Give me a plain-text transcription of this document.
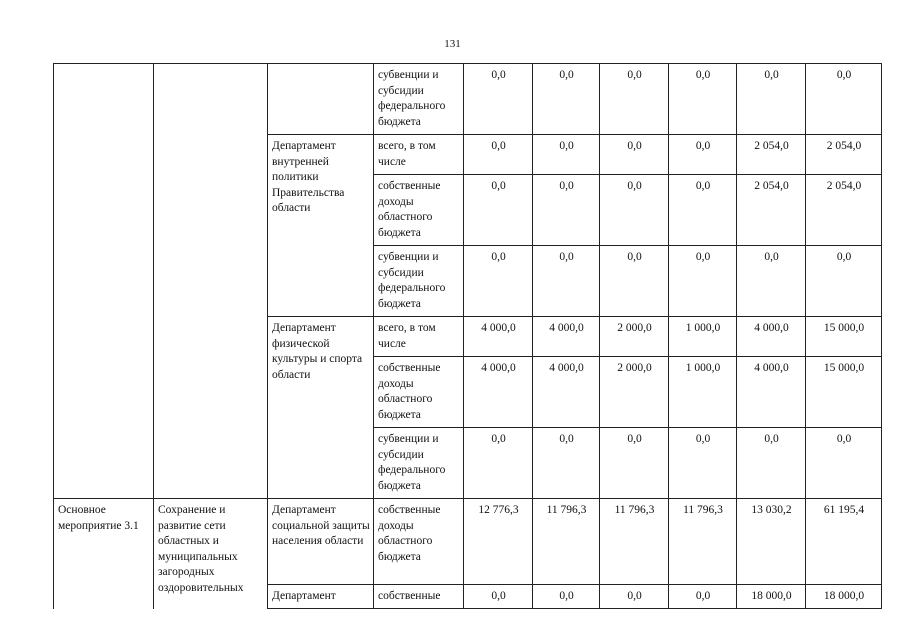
131
			субвенции и субсидии федерального бюджета	0,0	0,0	0,0	0,0	0,0	0,0
		Департамент внутренней политики Правительства области	всего, в том числе	0,0	0,0	0,0	0,0	2 054,0	2 054,0
			собственные доходы областного бюджета	0,0	0,0	0,0	0,0	2 054,0	2 054,0
			субвенции и субсидии федерального бюджета	0,0	0,0	0,0	0,0	0,0	0,0
		Департамент физической культуры и спорта области	всего, в том числе	4 000,0	4 000,0	2 000,0	1 000,0	4 000,0	15 000,0
			собственные доходы областного бюджета	4 000,0	4 000,0	2 000,0	1 000,0	4 000,0	15 000,0
			субвенции и субсидии федерального бюджета	0,0	0,0	0,0	0,0	0,0	0,0
Основное мероприятие 3.1	Сохранение и развитие сети областных и муниципальных загородных оздоровительных	Департамент социальной защиты населения области	собственные доходы областного бюджета	12 776,3	11 796,3	11 796,3	11 796,3	13 030,2	61 195,4
		Департамент	собственные	0,0	0,0	0,0	0,0	18 000,0	18 000,0
